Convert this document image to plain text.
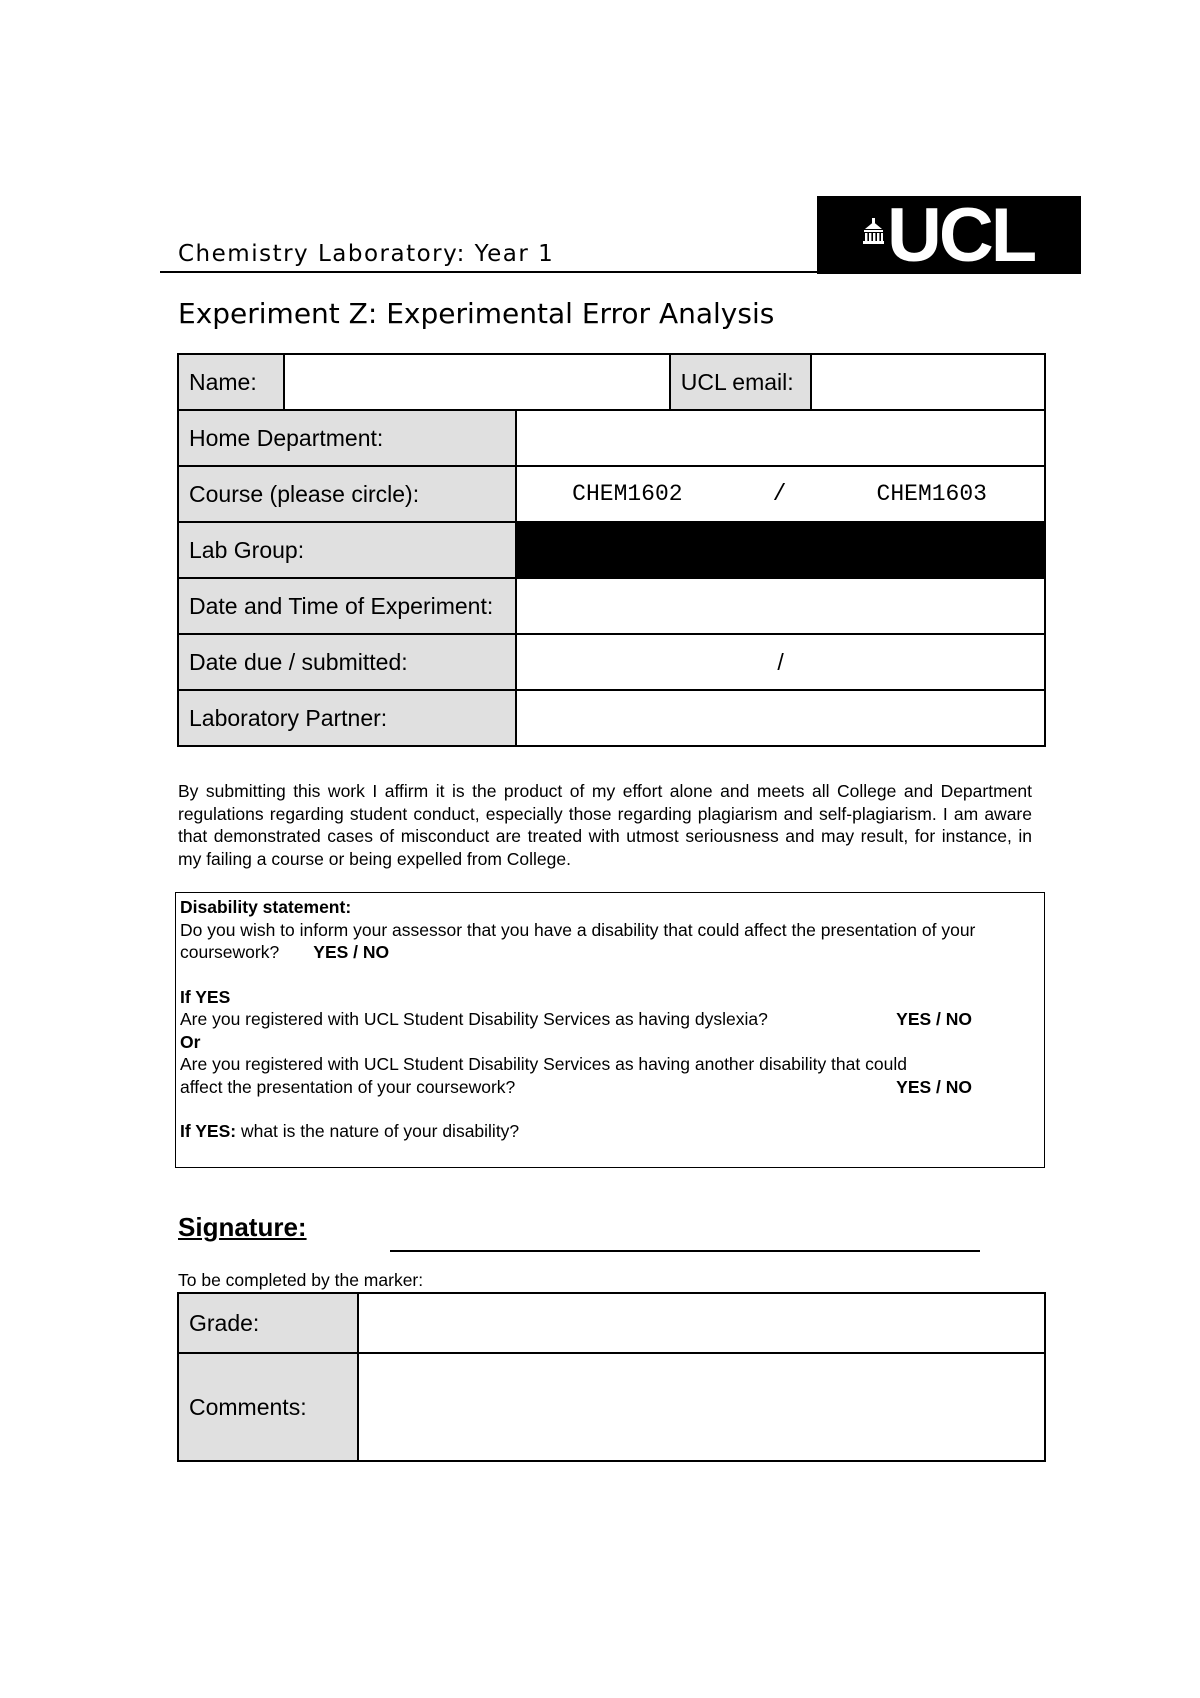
Chemistry Laboratory: Year 1	UCL
Experiment Z: Experimental Error Analysis
Name:			UCL email:	
Home Department:				
Course (please circle):		CHEM1602 / CHEM1603		

Lab Group:				
Date and Time of Experiment:				
Date due / submitted:		/		
Laboratory Partner:				
By submitting this work I affirm it is the product of my effort alone and meets all College and Department regulations regarding student conduct, especially those regarding plagiarism and self-plagiarism. I am aware that demonstrated cases of misconduct are treated with utmost seriousness and may result, for instance, in my failing a course or being expelled from College.

Disability statement:

Do you wish to inform your assessor that you have a disability that could affect the presentation of your coursework? YES / NO

If YES

Are you registered with UCL Student Disability Services as having dyslexia?	YES / NO

Or

Are you registered with UCL Student Disability Services as having another disability that could

affect the presentation of your coursework?	YES / NO

If YES: what is the nature of your disability?

Signature:
To be completed by the marker:
Grade:	
Comments:	
